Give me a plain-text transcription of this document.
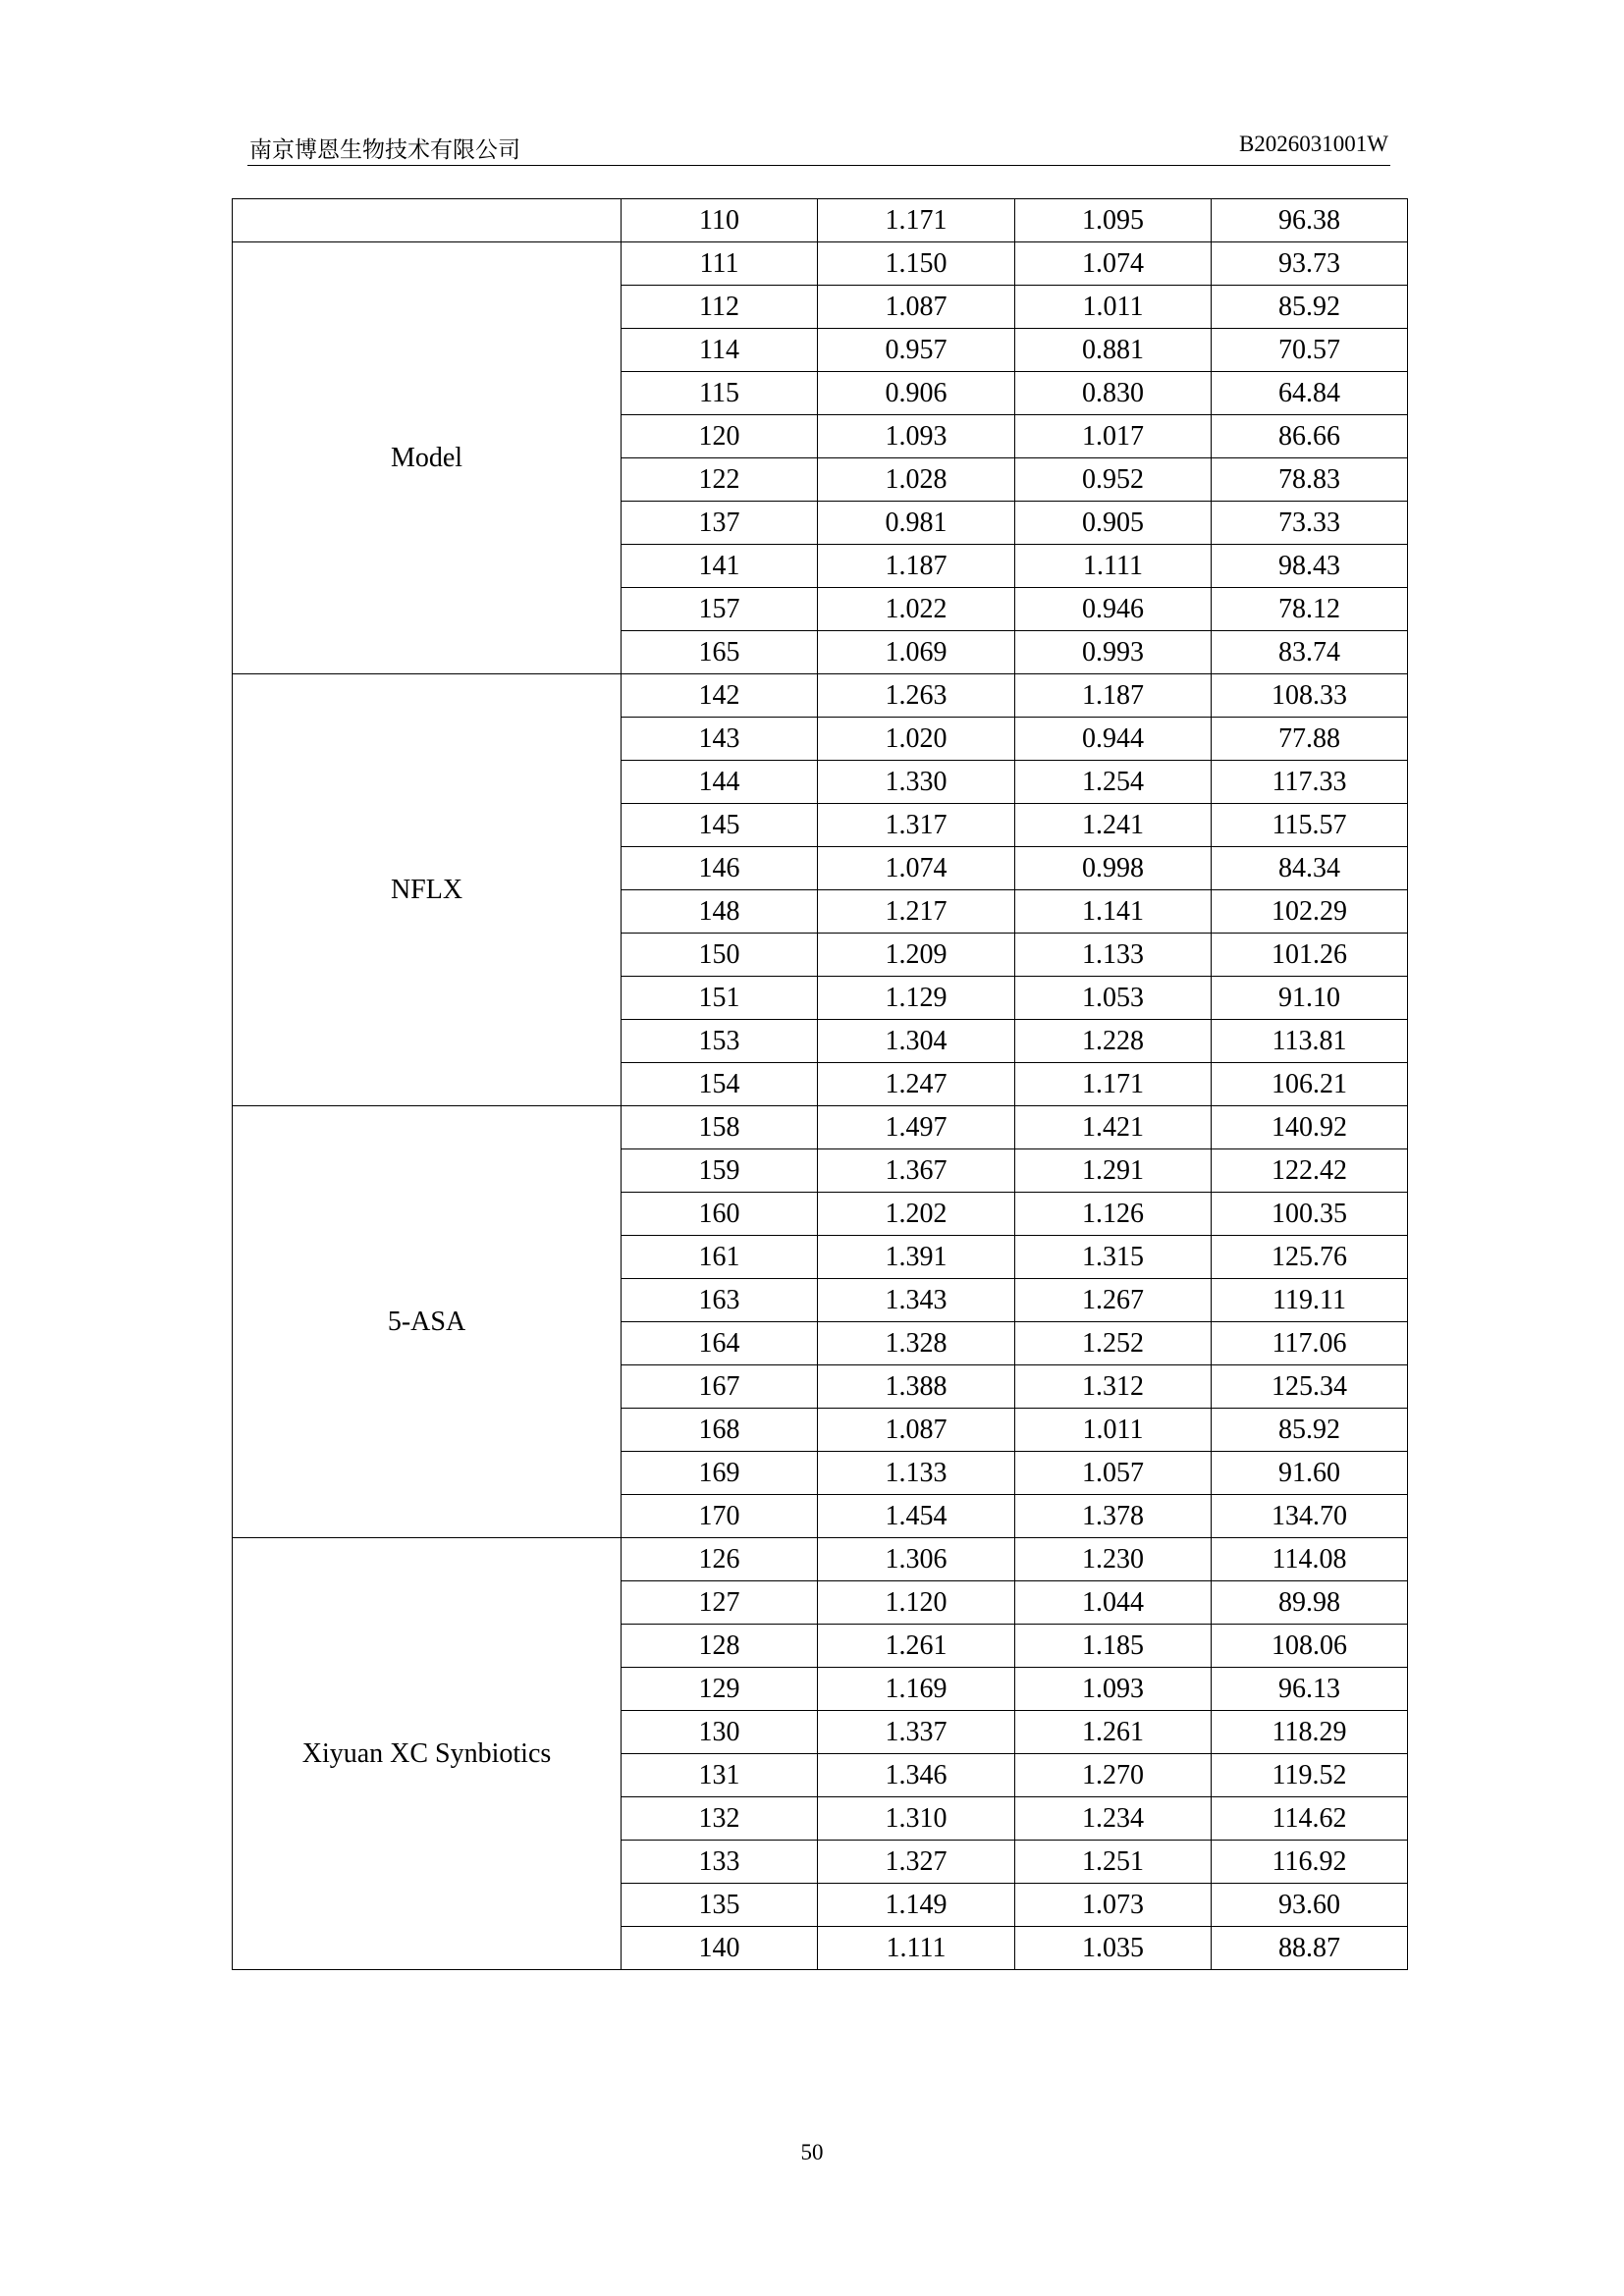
南京博恩生物技术有限公司	B2026031001W
	110	1.171	1.095	96.38
Model	111	1.150	1.074	93.73
	112	1.087	1.011	85.92
	114	0.957	0.881	70.57
	115	0.906	0.830	64.84
	120	1.093	1.017	86.66
	122	1.028	0.952	78.83
	137	0.981	0.905	73.33
	141	1.187	1.111	98.43
	157	1.022	0.946	78.12
	165	1.069	0.993	83.74
NFLX	142	1.263	1.187	108.33
	143	1.020	0.944	77.88
	144	1.330	1.254	117.33
	145	1.317	1.241	115.57
	146	1.074	0.998	84.34
	148	1.217	1.141	102.29
	150	1.209	1.133	101.26
	151	1.129	1.053	91.10
	153	1.304	1.228	113.81
	154	1.247	1.171	106.21
5-ASA	158	1.497	1.421	140.92
	159	1.367	1.291	122.42
	160	1.202	1.126	100.35
	161	1.391	1.315	125.76
	163	1.343	1.267	119.11
	164	1.328	1.252	117.06
	167	1.388	1.312	125.34
	168	1.087	1.011	85.92
	169	1.133	1.057	91.60
	170	1.454	1.378	134.70
Xiyuan XC Synbiotics	126	1.306	1.230	114.08
	127	1.120	1.044	89.98
	128	1.261	1.185	108.06
	129	1.169	1.093	96.13
	130	1.337	1.261	118.29
	131	1.346	1.270	119.52
	132	1.310	1.234	114.62
	133	1.327	1.251	116.92
	135	1.149	1.073	93.60
	140	1.111	1.035	88.87
50
